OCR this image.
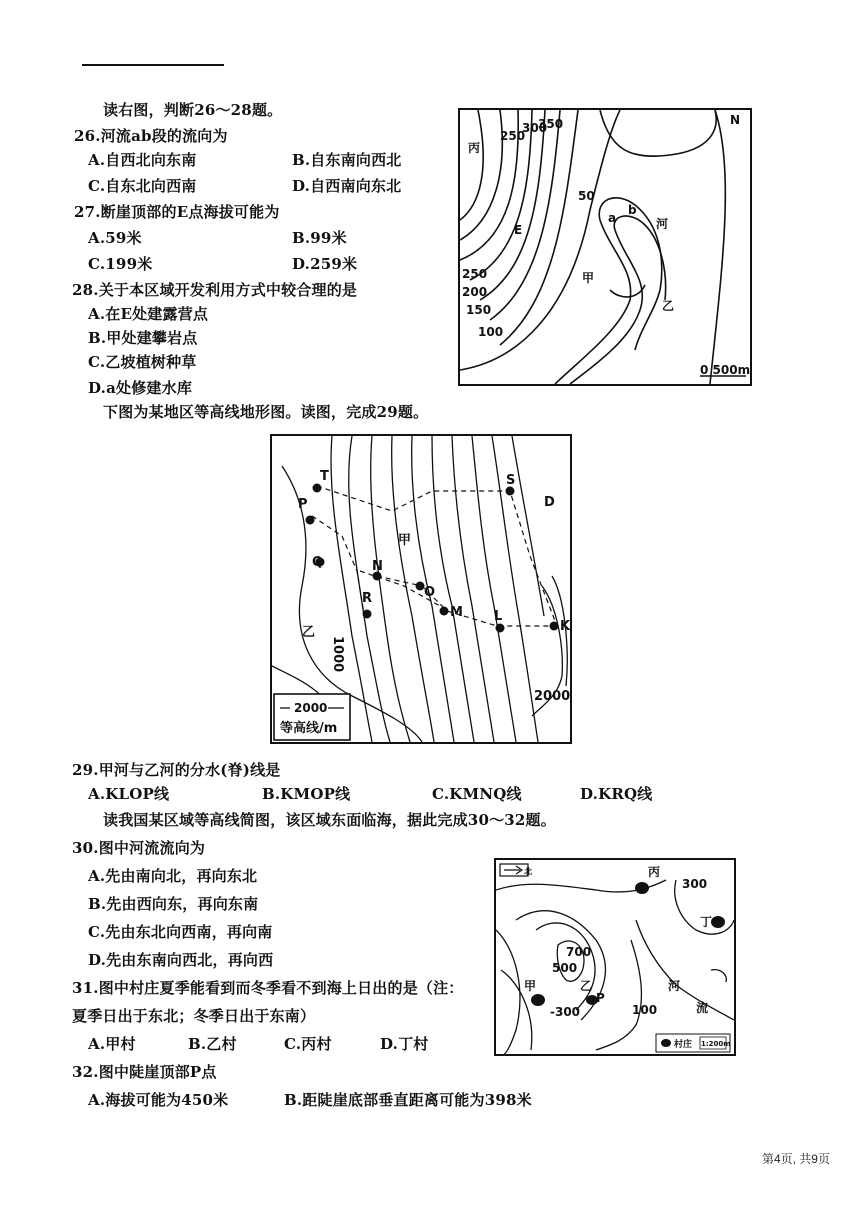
读右图，判断26～28题。
26.河流ab段的流向为
A.自西北向东南	B.自东南向西北
C.自东北向西南	D.自西南向东北
27.断崖顶部的E点海拔可能为
A.59米	B.99米
C.199米	D.259米
28.关于本区域开发利用方式中较合理的是
A.在E处建露营点
B.甲处建攀岩点
C.乙坡植树种草
D.a处修建水库
下图为某地区等高线地形图。读图，完成29题。
丙
250
300
350
50
a
b
河
E
甲
乙
250
200
150
100
N
0 500m
T
P
S
Q	N
甲
R	O
M L
K
D
乙
1000
2000
2000
等高线/m
29.甲河与乙河的分水(脊)线是
A.KLOP线	B.KMOP线	C.KMNQ线	D.KRQ线
读我国某区域等高线简图，该区域东面临海，据此完成30～32题。
30.图中河流流向为
A.先由南向北，再向东北
B.先由西向东，再向东南
C.先由东北向西南，再向南
D.先由东南向西北，再向西
北	丙
300
丁
700
500
甲	乙
P
河
流
-300	100
村庄 1:200m
31.图中村庄夏季能看到而冬季看不到海上日出的是（注：
夏季日出于东北；冬季日出于东南）
A.甲村	B.乙村	C.丙村	D.丁村
32.图中陡崖顶部P点
A.海拔可能为450米	B.距陡崖底部垂直距离可能为398米
第4页, 共9页
